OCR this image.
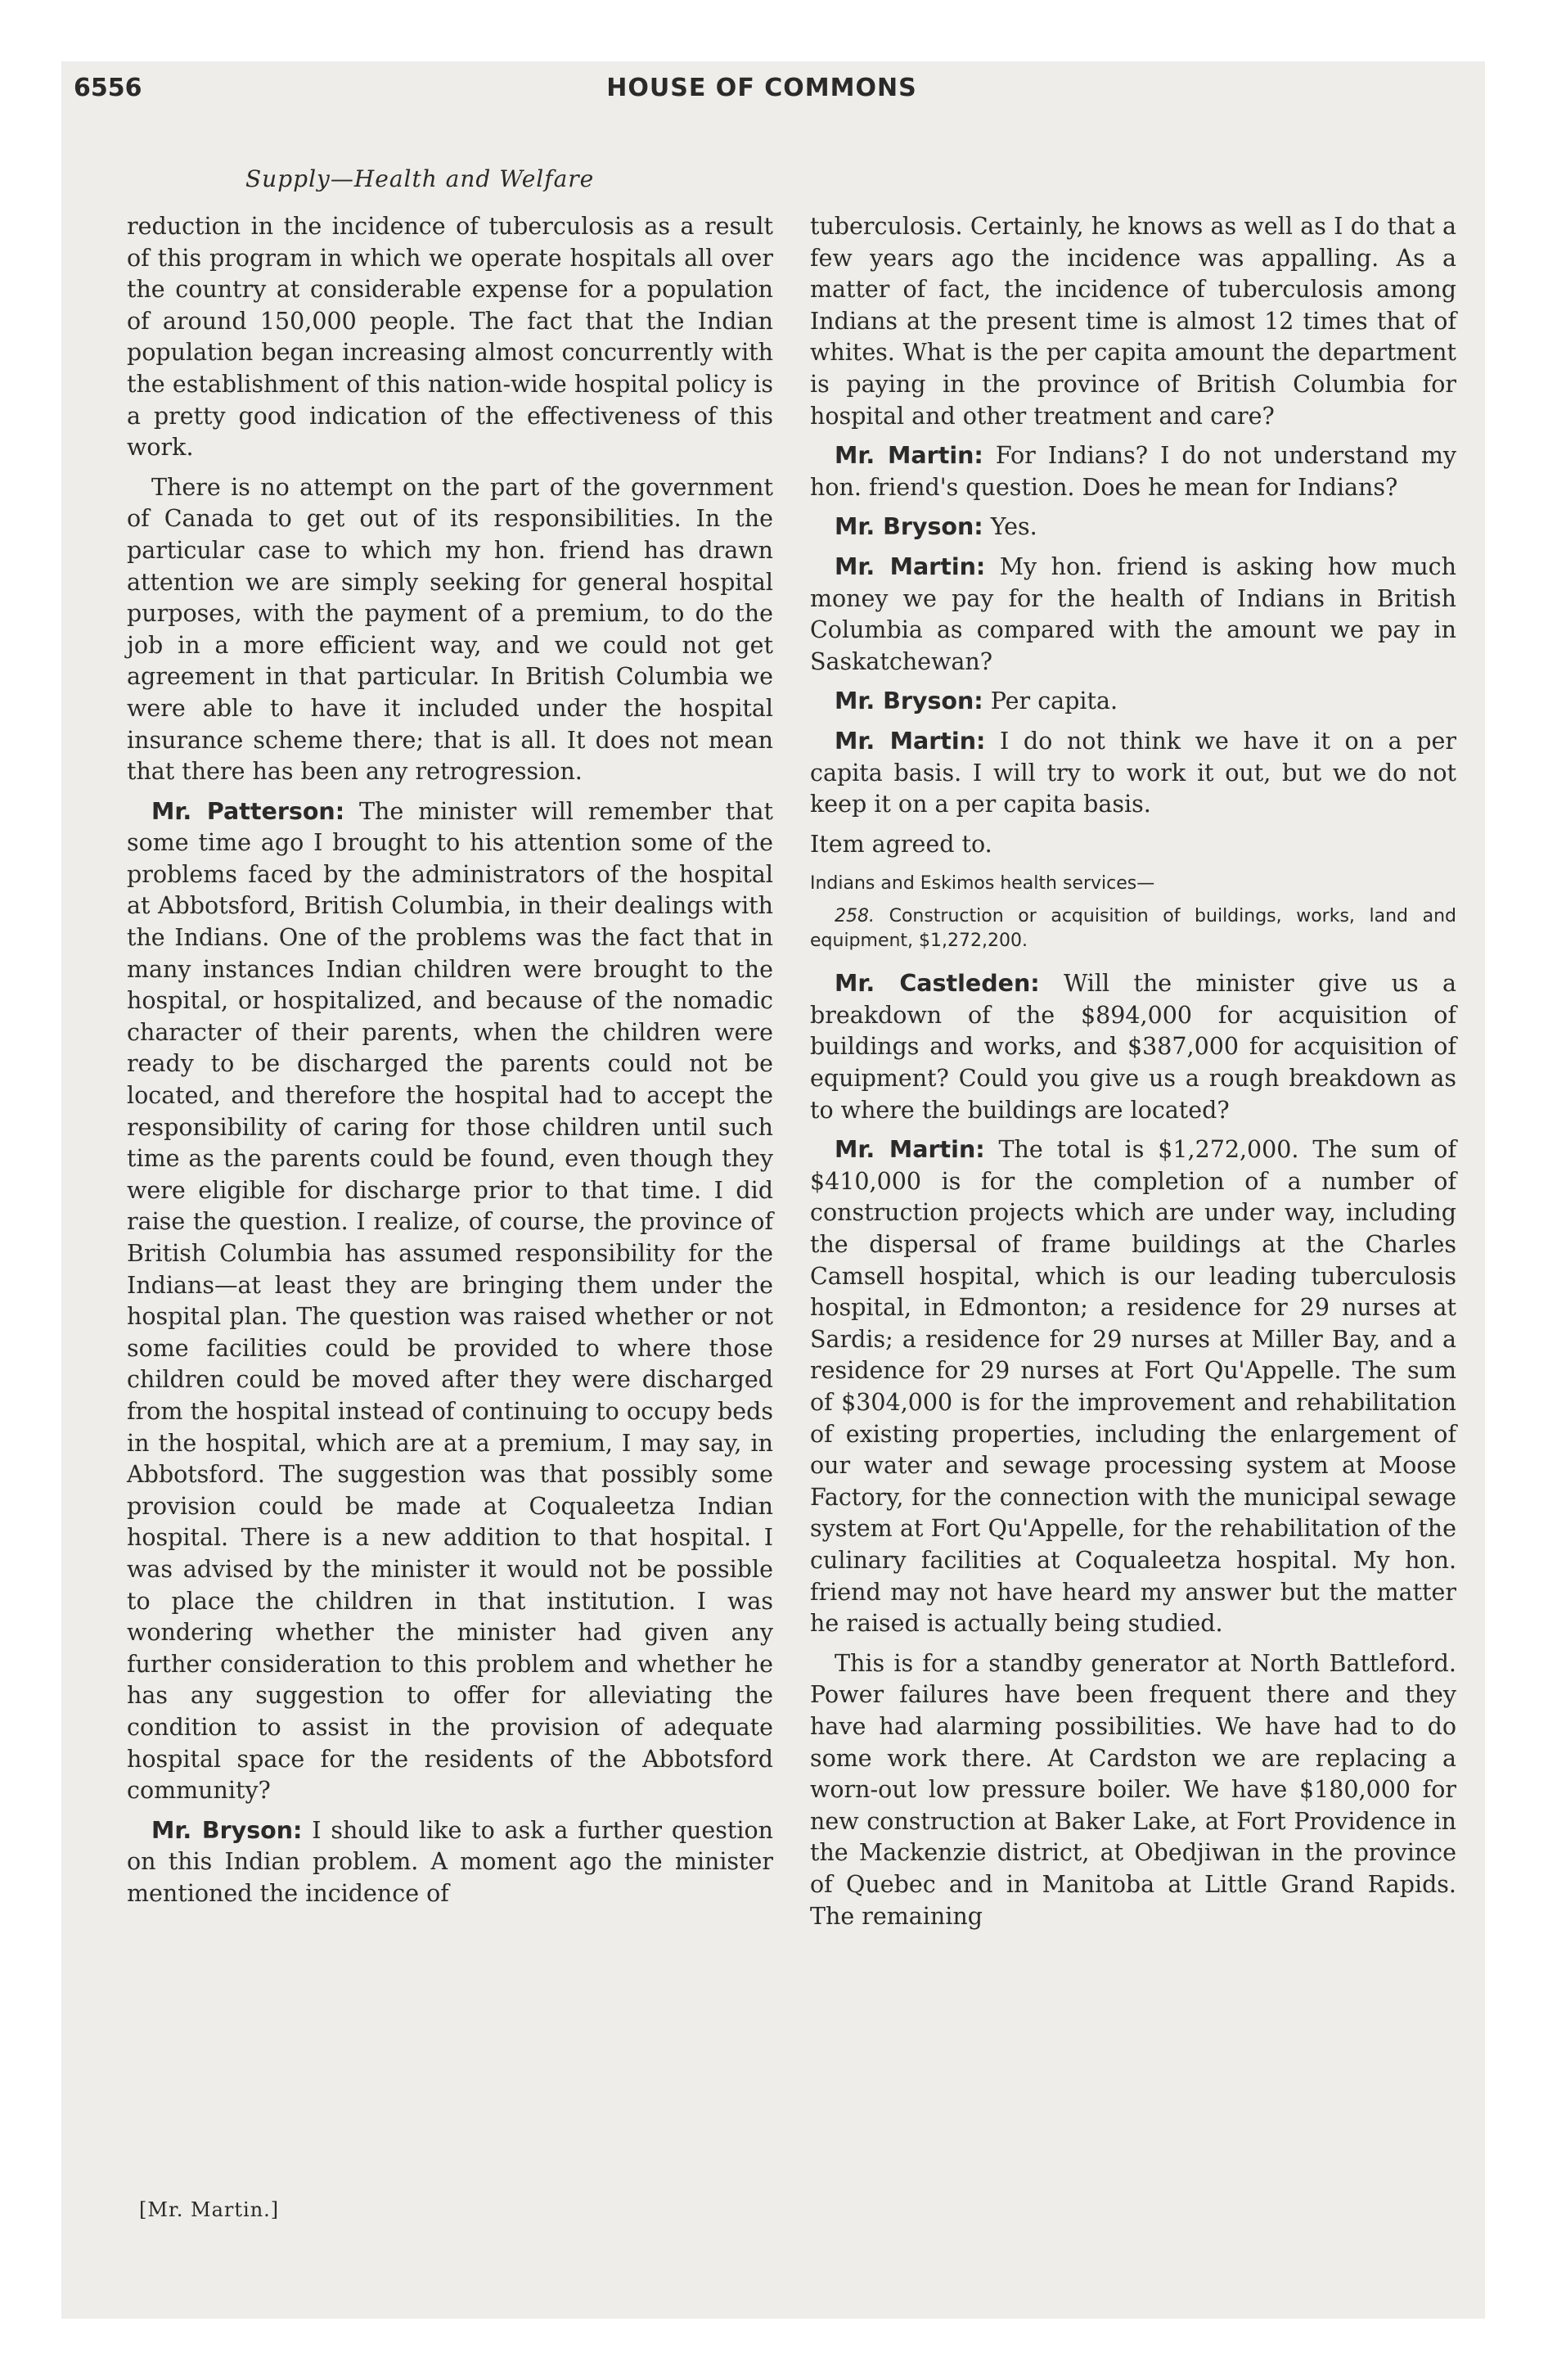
6556	HOUSE OF COMMONS
Supply—Health and Welfare

reduction in the incidence of tuberculosis as a result of this program in which we operate hospitals all over the country at considerable expense for a population of around 150,000 people. The fact that the Indian population began increasing almost concurrently with the establishment of this nation-wide hospital policy is a pretty good indication of the effectiveness of this work.

There is no attempt on the part of the government of Canada to get out of its responsibilities. In the particular case to which my hon. friend has drawn attention we are simply seeking for general hospital purposes, with the payment of a premium, to do the job in a more efficient way, and we could not get agreement in that particular. In British Columbia we were able to have it included under the hospital insurance scheme there; that is all. It does not mean that there has been any retrogression.

Mr. Patterson: The minister will remember that some time ago I brought to his attention some of the problems faced by the administrators of the hospital at Abbotsford, British Columbia, in their dealings with the Indians. One of the problems was the fact that in many instances Indian children were brought to the hospital, or hospitalized, and because of the nomadic character of their parents, when the children were ready to be discharged the parents could not be located, and therefore the hospital had to accept the responsibility of caring for those children until such time as the parents could be found, even though they were eligible for discharge prior to that time. I did raise the question. I realize, of course, the province of British Columbia has assumed responsibility for the Indians—at least they are bringing them under the hospital plan. The question was raised whether or not some facilities could be provided to where those children could be moved after they were discharged from the hospital instead of continuing to occupy beds in the hospital, which are at a premium, I may say, in Abbotsford. The suggestion was that possibly some provision could be made at Coqualeetza Indian hospital. There is a new addition to that hospital. I was advised by the minister it would not be possible to place the children in that institution. I was wondering whether the minister had given any further consideration to this problem and whether he has any suggestion to offer for alleviating the condition to assist in the provision of adequate hospital space for the residents of the Abbotsford community?

Mr. Bryson: I should like to ask a further question on this Indian problem. A moment ago the minister mentioned the incidence of

tuberculosis. Certainly, he knows as well as I do that a few years ago the incidence was appalling. As a matter of fact, the incidence of tuberculosis among Indians at the present time is almost 12 times that of whites. What is the per capita amount the department is paying in the province of British Columbia for hospital and other treatment and care?

Mr. Martin: For Indians? I do not understand my hon. friend's question. Does he mean for Indians?

Mr. Bryson: Yes.

Mr. Martin: My hon. friend is asking how much money we pay for the health of Indians in British Columbia as compared with the amount we pay in Saskatchewan?

Mr. Bryson: Per capita.

Mr. Martin: I do not think we have it on a per capita basis. I will try to work it out, but we do not keep it on a per capita basis.

Item agreed to.

Indians and Eskimos health services—

258. Construction or acquisition of buildings, works, land and equipment, $1,272,200.

Mr. Castleden: Will the minister give us a breakdown of the $894,000 for acquisition of buildings and works, and $387,000 for acquisition of equipment? Could you give us a rough breakdown as to where the buildings are located?

Mr. Martin: The total is $1,272,000. The sum of $410,000 is for the completion of a number of construction projects which are under way, including the dispersal of frame buildings at the Charles Camsell hospital, which is our leading tuberculosis hospital, in Edmonton; a residence for 29 nurses at Sardis; a residence for 29 nurses at Miller Bay, and a residence for 29 nurses at Fort Qu'Appelle. The sum of $304,000 is for the improvement and rehabilitation of existing properties, including the enlargement of our water and sewage processing system at Moose Factory, for the connection with the municipal sewage system at Fort Qu'Appelle, for the rehabilitation of the culinary facilities at Coqualeetza hospital. My hon. friend may not have heard my answer but the matter he raised is actually being studied.

This is for a standby generator at North Battleford. Power failures have been frequent there and they have had alarming possibilities. We have had to do some work there. At Cardston we are replacing a worn-out low pressure boiler. We have $180,000 for new construction at Baker Lake, at Fort Providence in the Mackenzie district, at Obedjiwan in the province of Quebec and in Manitoba at Little Grand Rapids. The remaining

[Mr. Martin.]
